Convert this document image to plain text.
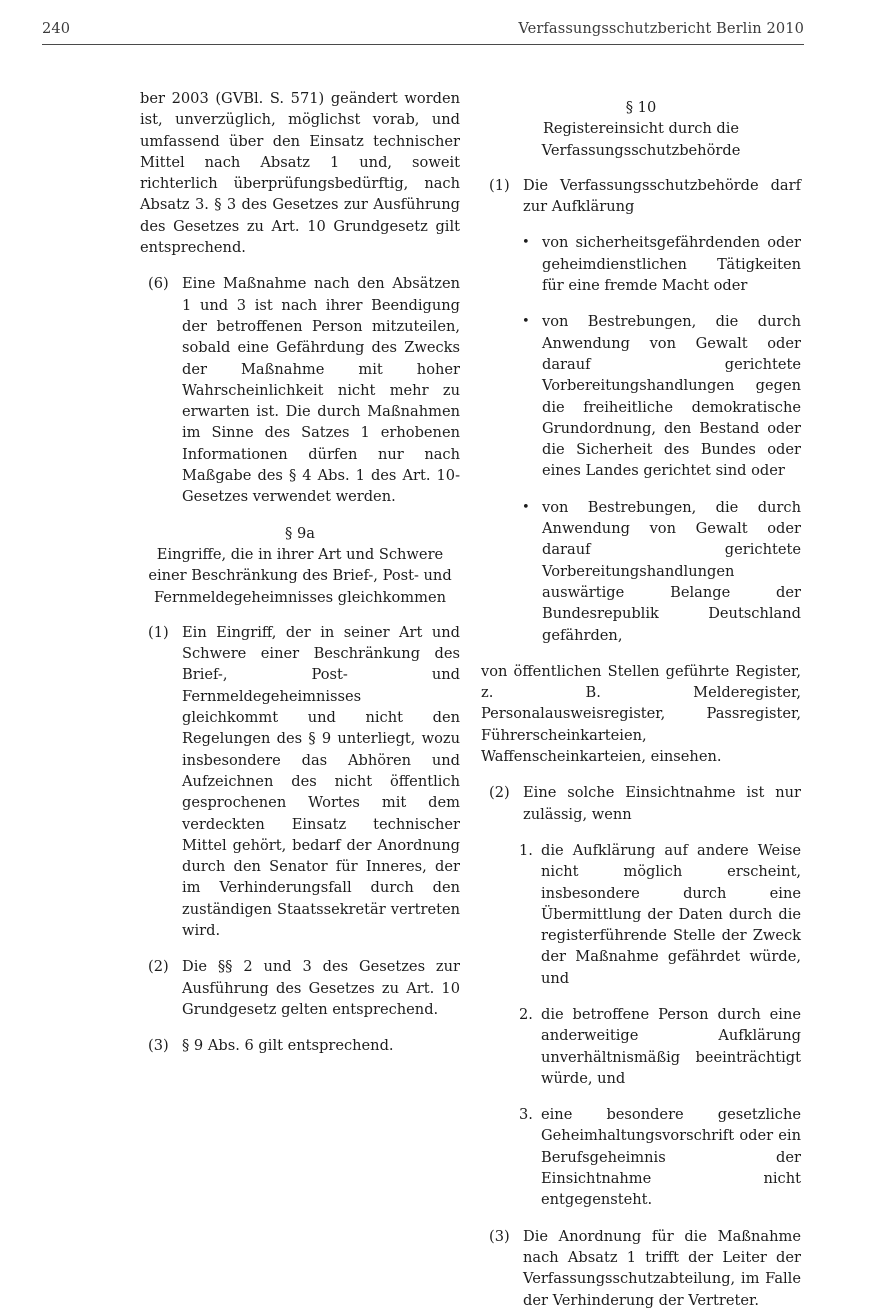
240	Verfassungsschutzbericht Berlin 2010

ber 2003 (GVBl. S. 571) geändert worden ist, unverzüglich, möglichst vorab, und umfassend über den Einsatz technischer Mittel nach Absatz 1 und, soweit richterlich überprüfungsbedürftig, nach Absatz 3. § 3 des Gesetzes zur Ausführung des Gesetzes zu Art. 10 Grundgesetz gilt entsprechend.

(6) Eine Maßnahme nach den Absätzen 1 und 3 ist nach ihrer Beendigung der betroffenen Person mitzuteilen, sobald eine Gefährdung des Zwecks der Maßnahme mit hoher Wahrscheinlichkeit nicht mehr zu erwarten ist. Die durch Maßnahmen im Sinne des Satzes 1 erhobenen Informationen dürfen nur nach Maßgabe des § 4 Abs. 1 des Art. 10-Gesetzes verwendet werden.
§ 9a
Eingriffe, die in ihrer Art und Schwere einer Beschränkung des Brief-, Post- und Fernmeldegeheimnisses gleichkommen
(1) Ein Eingriff, der in seiner Art und Schwere einer Beschränkung des Brief-, Post- und Fernmeldegeheimnisses gleichkommt und nicht den Regelungen des § 9 unterliegt, wozu insbesondere das Abhören und Aufzeichnen des nicht öffentlich gesprochenen Wortes mit dem verdeckten Einsatz technischer Mittel gehört, bedarf der Anordnung durch den Senator für Inneres, der im Verhinderungsfall durch den zuständigen Staatssekretär vertreten wird.
(2) Die §§ 2 und 3 des Gesetzes zur Ausführung des Gesetzes zu Art. 10 Grundgesetz gelten entsprechend.
(3) § 9 Abs. 6 gilt entsprechend.
§ 10
Registereinsicht durch die Verfassungsschutzbehörde
(1) Die Verfassungsschutzbehörde darf zur Aufklärung
• von sicherheitsgefährdenden oder geheimdienstlichen Tätigkeiten für eine fremde Macht oder
• von Bestrebungen, die durch Anwendung von Gewalt oder darauf gerichtete Vorbereitungshandlungen gegen die freiheitliche demokratische Grundordnung, den Bestand oder die Sicherheit des Bundes oder eines Landes gerichtet sind oder
• von Bestrebungen, die durch Anwendung von Gewalt oder darauf gerichtete Vorbereitungshandlungen auswärtige Belange der Bundesrepublik Deutschland gefährden,

von öffentlichen Stellen geführte Register, z. B. Melderegister, Personalausweisregister, Passregister, Führerscheinkarteien, Waffenscheinkarteien, einsehen.

(2) Eine solche Einsichtnahme ist nur zulässig, wenn
1. die Aufklärung auf andere Weise nicht möglich erscheint, insbesondere durch eine Übermittlung der Daten durch die registerführende Stelle der Zweck der Maßnahme gefährdet würde, und
2. die betroffene Person durch eine anderweitige Aufklärung unverhältnismäßig beeinträchtigt würde, und
3. eine besondere gesetzliche Geheimhaltungsvorschrift oder ein Berufsgeheimnis der Einsichtnahme nicht entgegensteht.
(3) Die Anordnung für die Maßnahme nach Absatz 1 trifft der Leiter der Verfassungsschutzabteilung, im Falle der Verhinderung der Vertreter.
